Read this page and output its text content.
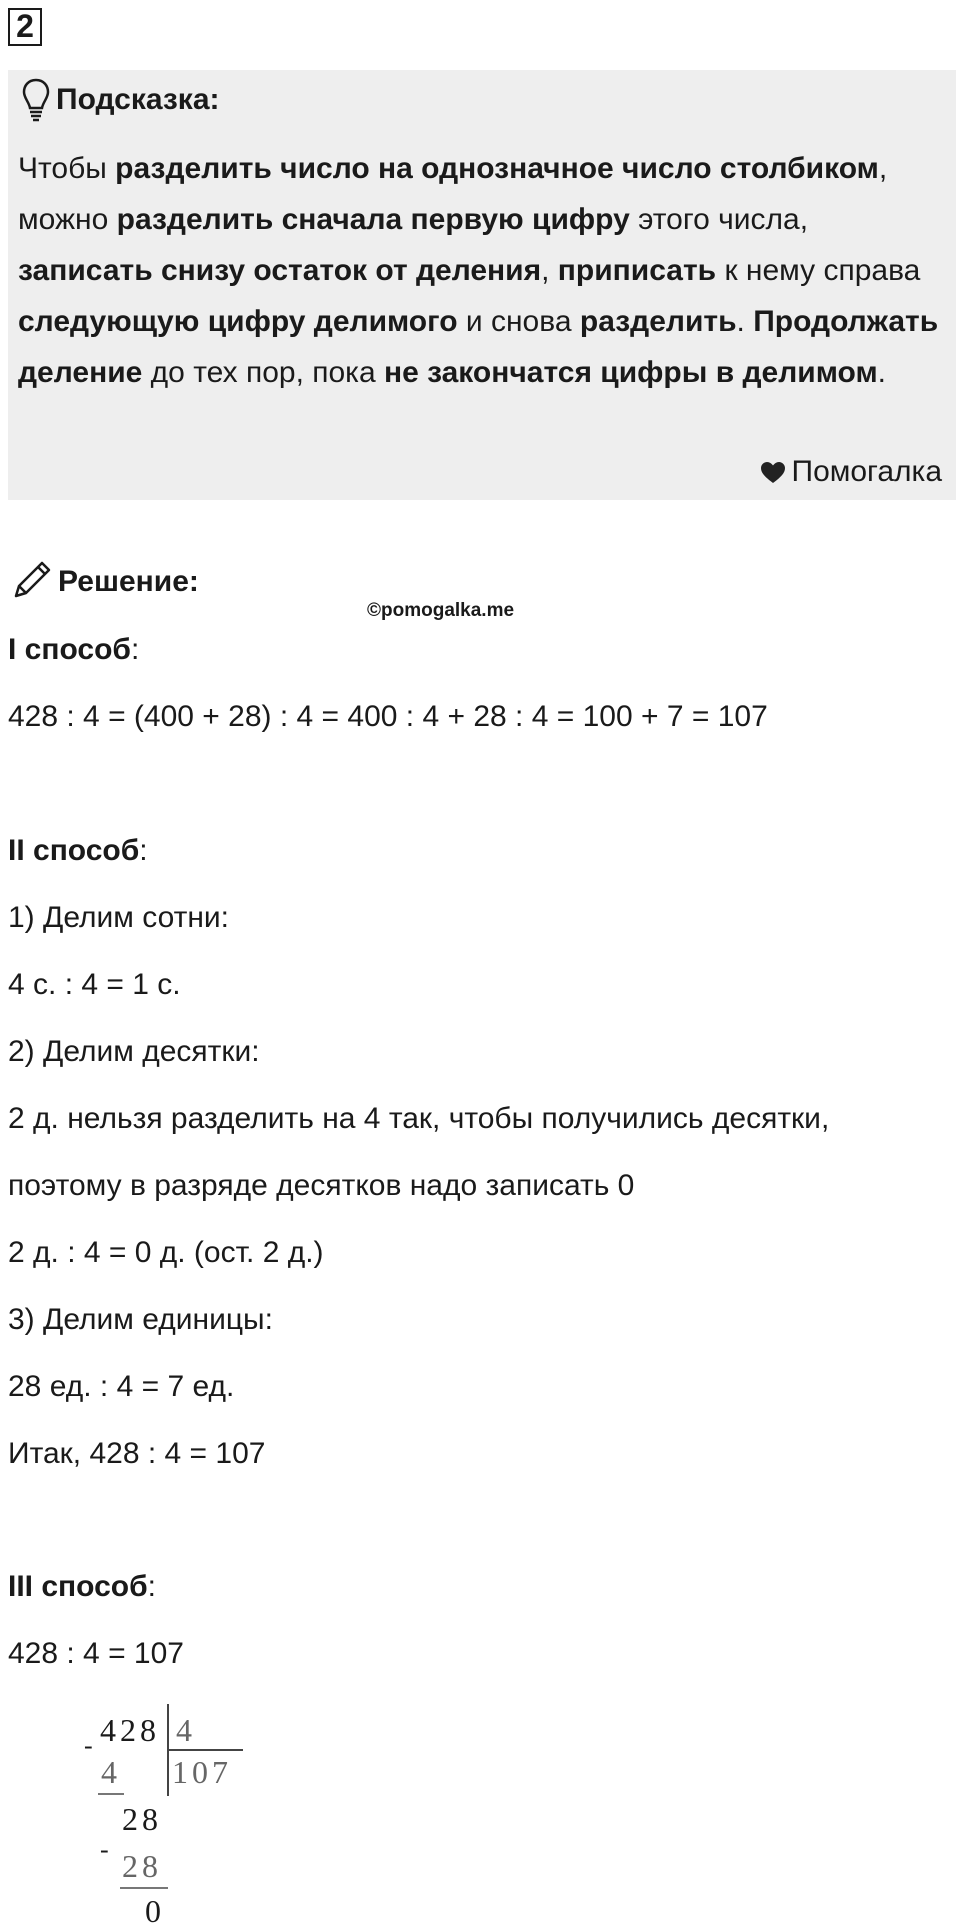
2
Подсказка:

Чтобы разделить число на однозначное число столбиком, можно разделить сначала первую цифру этого числа, записать снизу остаток от деления, приписать к нему справа следующую цифру делимого и снова разделить. Продолжать деление до тех пор, пока не закончатся цифры в делимом.

Помогалка
Решение:
©pomogalka.me
I способ:
428 : 4 = (400 + 28) : 4 = 400 : 4 + 28 : 4 = 100 + 7 = 107
II способ:
1) Делим сотни:
4 с. : 4 = 1 с.
2) Делим десятки:
2 д. нельзя разделить на 4 так, чтобы получились десятки,
поэтому в разряде десятков надо записать 0
2 д. : 4 = 0 д. (ост. 2 д.)
3) Делим единицы:
28 ед. : 4 = 7 ед.
Итак, 428 : 4 = 107
III способ:
428 : 4 = 107
- 428 4
4 107
28
- 28
0
